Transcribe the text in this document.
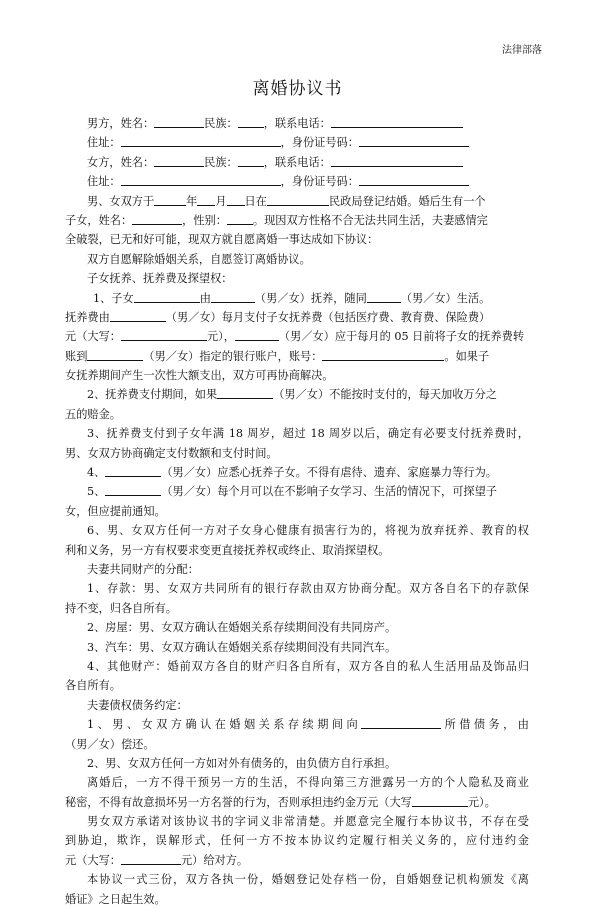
法律部落
离婚协议书
男方，姓名：	民族： ，联系电话：
住址：	，身份证号码：
女方，姓名：	民族： ，联系电话：
住址：	，身份证号码：
男、女双方于	年 月 日在	民政局登记结婚。婚后生有一个
子女，姓名：	，性别： 。现因双方性格不合无法共同生活，夫妻感情完
全破裂，已无和好可能，现双方就自愿离婚一事达成如下协议：
双方自愿解除婚姻关系，自愿签订离婚协议。
子女抚养、抚养费及探望权：
1、子女	由	（男／女）抚养，随同	（男／女）生活。
抚养费由	（男／女）每月支付子女抚养费（包括医疗费、教育费、保险费）
元（大写：	元），	（男／女）应于每月的 05 日前将子女的抚养费转
账到	（男／女）指定的银行账户，账号：	。如果子
女抚养期间产生一次性大额支出，双方可再协商解决。
2、抚养费支付期间，如果	（男／女）不能按时支付的，每天加收万分之
五的赔金。
3、抚养费支付到子女年满 18 周岁，超过 18 周岁以后，确定有必要支付抚养费时，
男、女双方协商确定支付数额和支付时间。
4、	（男／女）应悉心抚养子女。不得有虐待、遗弃、家庭暴力等行为。
5、	（男／女）每个月可以在不影响子女学习、生活的情况下，可探望子
女，但应提前通知。
6、男、女双方任何一方对子女身心健康有损害行为的，将视为放弃抚养、教育的权
利和义务，另一方有权要求变更直接抚养权或终止、取消探望权。
夫妻共同财产的分配：
1、存款：男、女双方共同所有的银行存款由双方协商分配。双方各自名下的存款保
持不变，归各自所有。
2、房屋：男、女双方确认在婚姻关系存续期间没有共同房产。
3、汽车：男、女双方确认在婚姻关系存续期间没有共同汽车。
4、其他财产：婚前双方各自的财产归各自所有，双方各自的私人生活用品及饰品归
各自所有。
夫妻债权债务约定：
1、男、女双方确认在婚姻关系存续期间向	所借债务，由
（男／女）偿还。
2、男、女双方任何一方如对外有债务的，由负债方自行承担。
离婚后，一方不得干预另一方的生活，不得向第三方泄露另一方的个人隐私及商业
秘密，不得有故意损坏另一方名誉的行为，否则承担违约金万元（大写	元）。
男女双方承诺对该协议书的字词义非常清楚。并愿意完全履行本协议书，不存在受
到胁迫，欺诈，误解形式，任何一方不按本协议约定履行相关义务的，应付违约金
元（大写：	元）给对方。
本协议一式三份，双方各执一份，婚姻登记处存档一份，自婚姻登记机构颁发《离
婚证》之日起生效。
